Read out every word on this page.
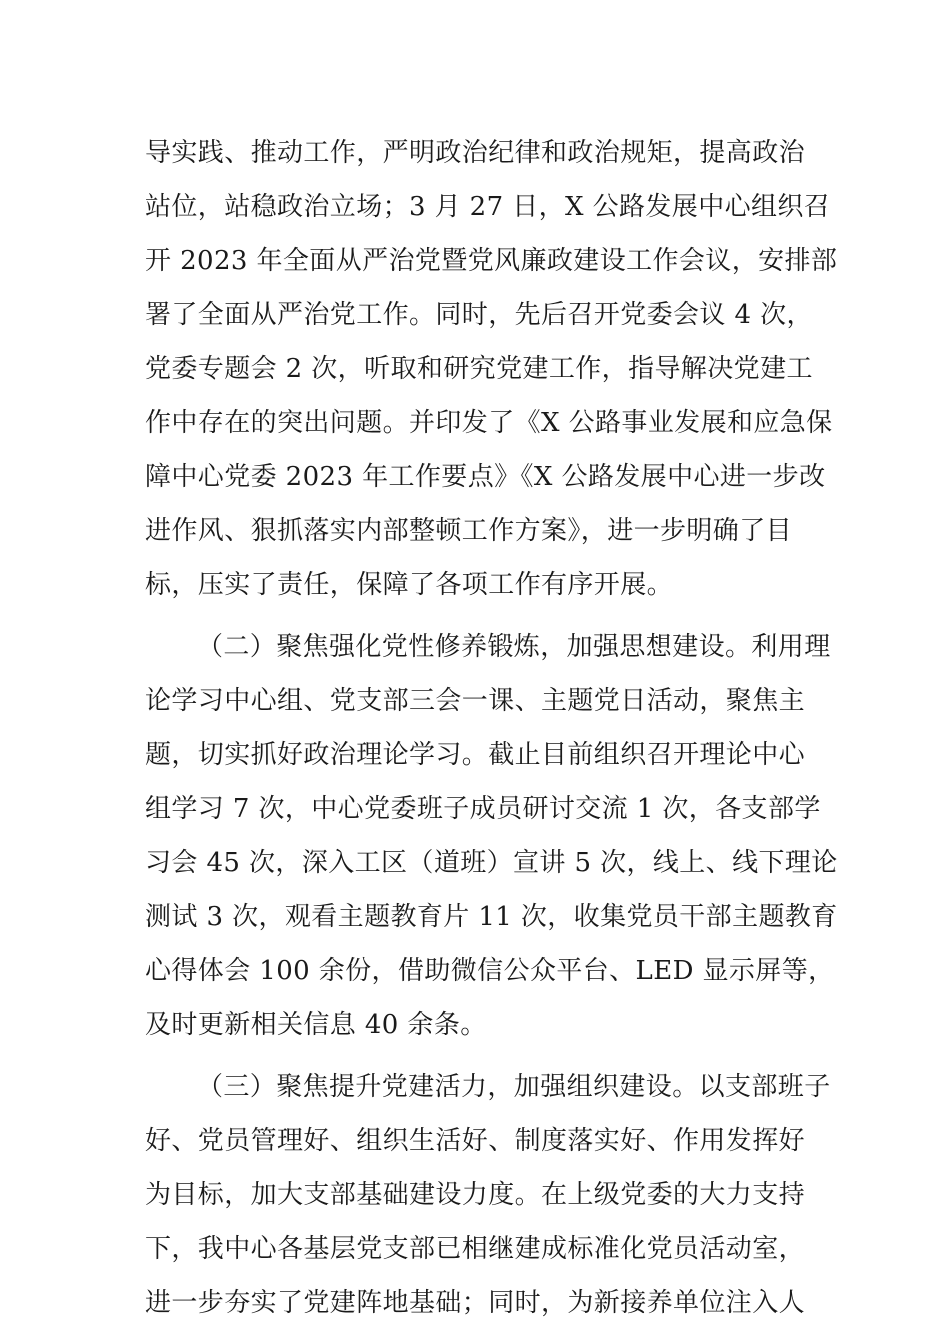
导实践、推动工作，严明政治纪律和政治规矩，提高政治
站位，站稳政治立场；3 月 27 日，X 公路发展中心组织召
开 2023 年全面从严治党暨党风廉政建设工作会议，安排部
署了全面从严治党工作。同时，先后召开党委会议 4 次，
党委专题会 2 次，听取和研究党建工作，指导解决党建工
作中存在的突出问题。并印发了《X 公路事业发展和应急保
障中心党委 2023 年工作要点》《X 公路发展中心进一步改
进作风、狠抓落实内部整顿工作方案》，进一步明确了目
标，压实了责任，保障了各项工作有序开展。
（二）聚焦强化党性修养锻炼，加强思想建设。利用理
论学习中心组、党支部三会一课、主题党日活动，聚焦主
题，切实抓好政治理论学习。截止目前组织召开理论中心
组学习 7 次，中心党委班子成员研讨交流 1 次，各支部学
习会 45 次，深入工区（道班）宣讲 5 次，线上、线下理论
测试 3 次，观看主题教育片 11 次，收集党员干部主题教育
心得体会 100 余份，借助微信公众平台、LED 显示屏等，
及时更新相关信息 40 余条。
（三）聚焦提升党建活力，加强组织建设。以支部班子
好、党员管理好、组织生活好、制度落实好、作用发挥好
为目标，加大支部基础建设力度。在上级党委的大力支持
下，我中心各基层党支部已相继建成标准化党员活动室，
进一步夯实了党建阵地基础；同时，为新接养单位注入人
